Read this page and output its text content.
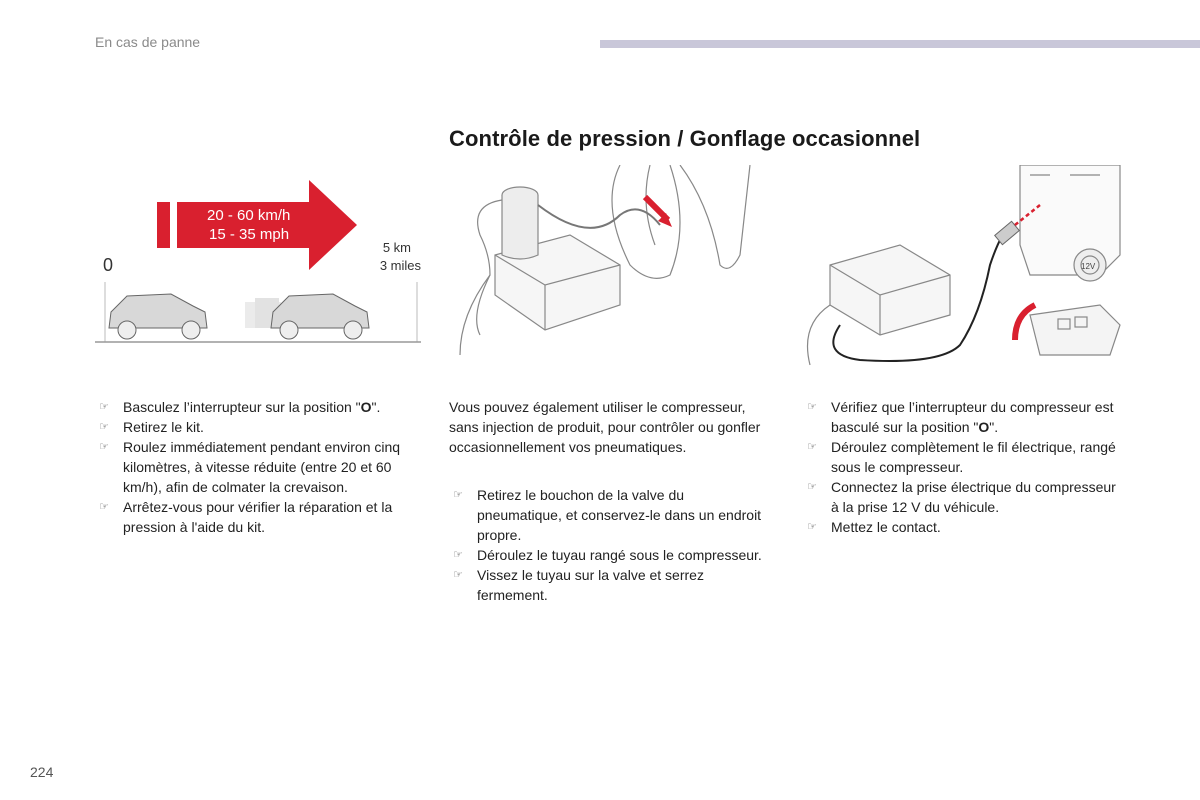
En cas de panne
Contrôle de pression / Gonflage occasionnel
20 - 60 km/h
15 - 35 mph
0
5 km
3 miles	12V
☞ Basculez l’interrupteur sur la position "O".
☞ Retirez le kit.
☞ Roulez immédiatement pendant environ cinq kilomètres, à vitesse réduite (entre 20 et 60 km/h), afin de colmater la crevaison.
☞ Arrêtez-vous pour vérifier la réparation et la pression à l'aide du kit.

Vous pouvez également utiliser le compresseur, sans injection de produit, pour contrôler ou gonfler occasionnellement vos pneumatiques.

☞ Retirez le bouchon de la valve du pneumatique, et conservez-le dans un endroit propre.
☞ Déroulez le tuyau rangé sous le compresseur.
☞ Vissez le tuyau sur la valve et serrez fermement.
☞ Vérifiez que l’interrupteur du compresseur est basculé sur la position "O".
☞ Déroulez complètement le fil électrique, rangé sous le compresseur.
☞ Connectez la prise électrique du compresseur à la prise 12 V du véhicule.
☞ Mettez le contact.
224
